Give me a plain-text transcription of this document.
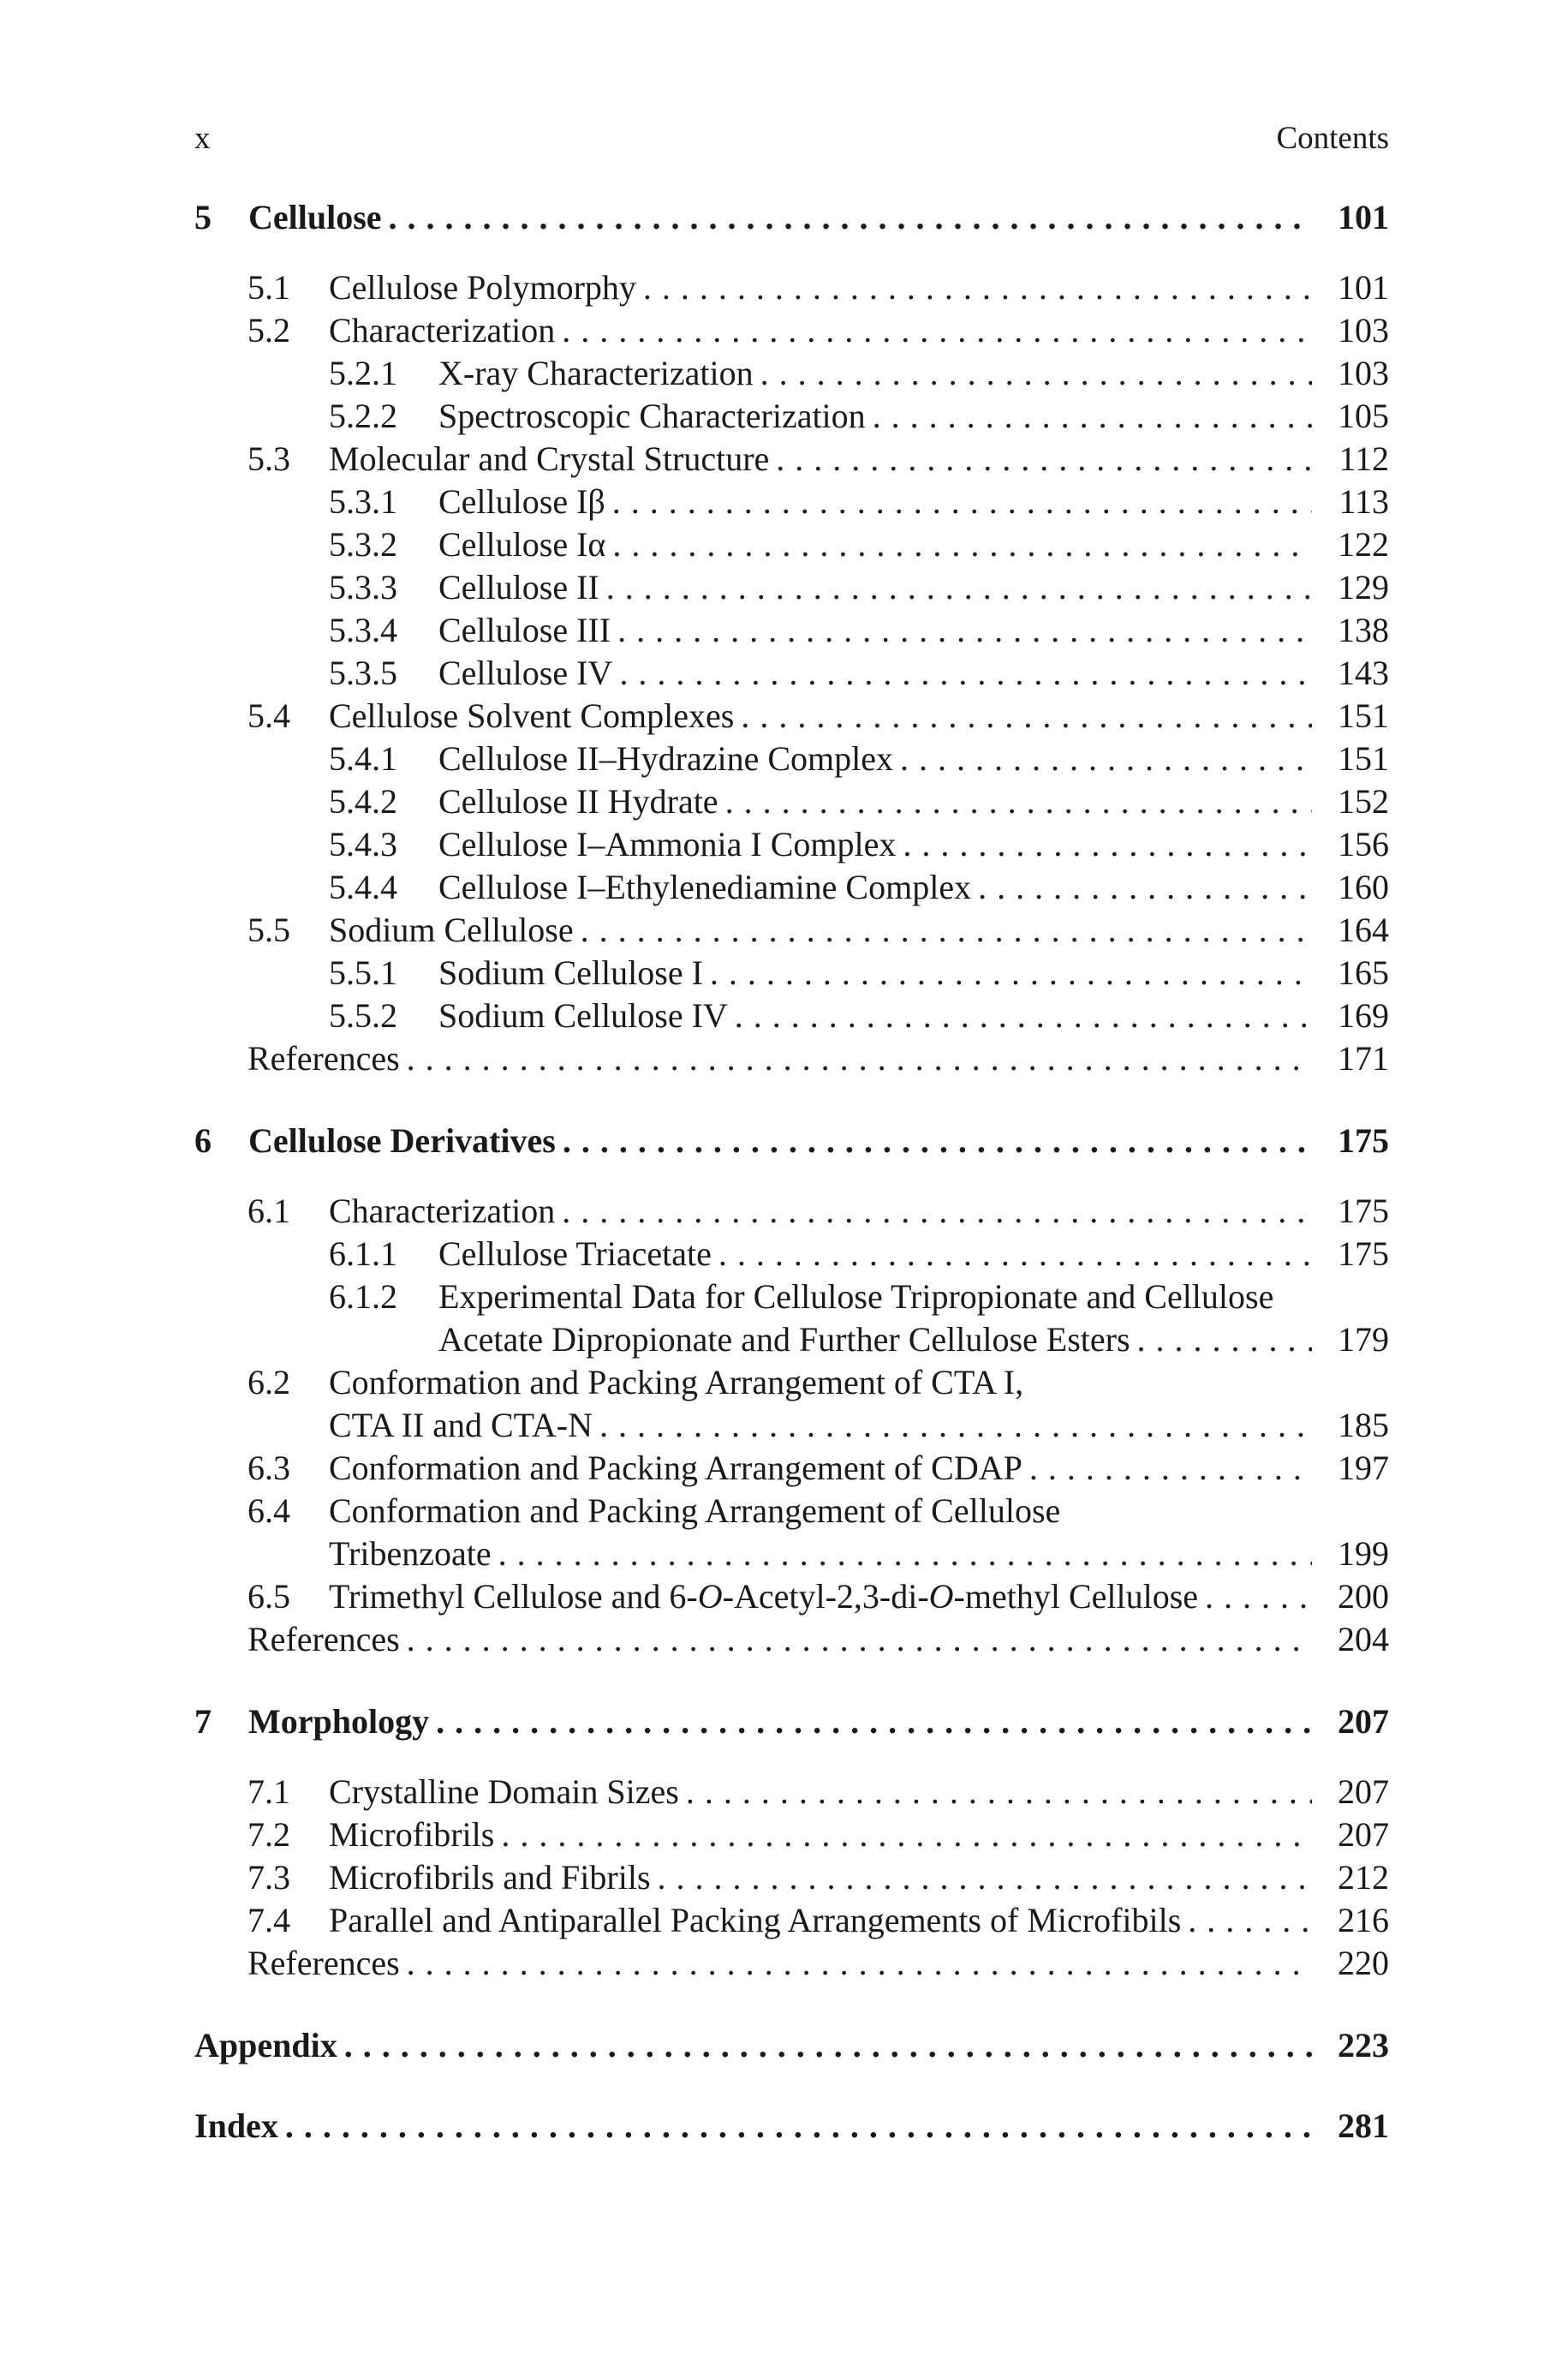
x	Contents
5 Cellulose . . .	101
5.1 Cellulose Polymorphy . . .	101
5.2 Characterization . . .	103
5.2.1 X-ray Characterization . . .	103
5.2.2 Spectroscopic Characterization . . .	105
5.3 Molecular and Crystal Structure . . .	112
5.3.1 Cellulose Iβ . . .	113
5.3.2 Cellulose Iα . . .	122
5.3.3 Cellulose II . . .	129
5.3.4 Cellulose III . . .	138
5.3.5 Cellulose IV . . .	143
5.4 Cellulose Solvent Complexes . . .	151
5.4.1 Cellulose II–Hydrazine Complex . . .	151
5.4.2 Cellulose II Hydrate . . .	152
5.4.3 Cellulose I–Ammonia I Complex . . .	156
5.4.4 Cellulose I–Ethylenediamine Complex . . .	160
5.5 Sodium Cellulose . . .	164
5.5.1 Sodium Cellulose I . . .	165
5.5.2 Sodium Cellulose IV . . .	169
References . . .	171
6 Cellulose Derivatives . . .	175
6.1 Characterization . . .	175
6.1.1 Cellulose Triacetate . . .	175
6.1.2 Experimental Data for Cellulose Tripropionate and Cellulose
Acetate Dipropionate and Further Cellulose Esters . . .	179
6.2 Conformation and Packing Arrangement of CTA I,
CTA II and CTA-N . . .	185
6.3 Conformation and Packing Arrangement of CDAP . . .	197
6.4 Conformation and Packing Arrangement of Cellulose
Tribenzoate . . .	199
6.5 Trimethyl Cellulose and 6-O-Acetyl-2,3-di-O-methyl Cellulose . . .	200
References . . .	204
7 Morphology . . .	207
7.1 Crystalline Domain Sizes . . .	207
7.2 Microfibrils . . .	207
7.3 Microfibrils and Fibrils . . .	212
7.4 Parallel and Antiparallel Packing Arrangements of Microfibils . . .	216
References . . .	220
Appendix . . .	223
Index . . .	281
